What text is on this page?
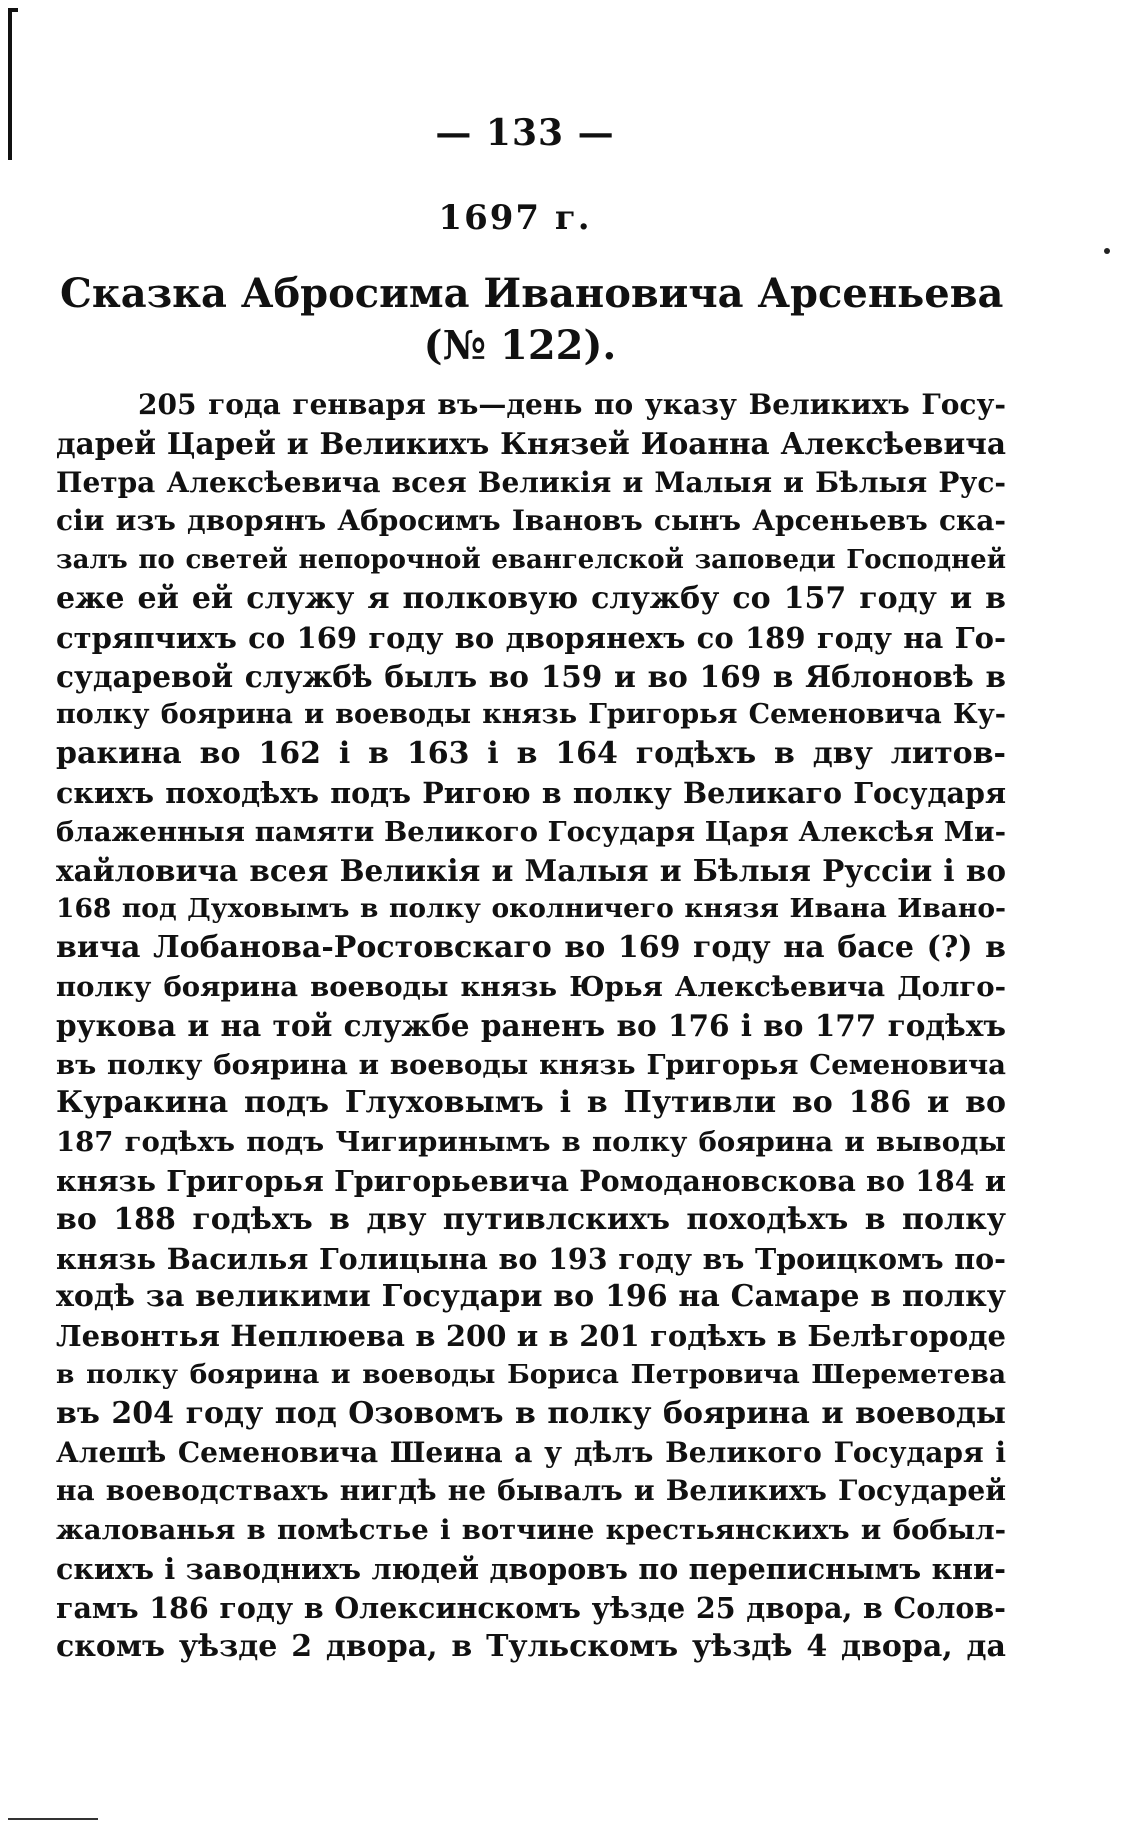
— 133 —
1697 г.
Сказка Абросима Ивановича Арсеньева
(№ 122).
205 года генваря въ—день по указу Великихъ Госу-
дарей Царей и Великихъ Князей Иоанна Алексѣевича
Петра Алексѣевича всея Великія и Малыя и Бѣлыя Рус-
сіи изъ дворянъ Абросимъ Івановъ сынъ Арсеньевъ ска-
залъ по светей непорочной евангелской заповеди Господней
еже ей ей служу я полковую службу со 157 году и в
стряпчихъ со 169 году во дворянехъ со 189 году на Го-
сударевой службѣ былъ во 159 и во 169 в Яблоновѣ в
полку боярина и воеводы князь Григорья Семеновича Ку-
ракина во 162 і в 163 і в 164 годѣхъ в дву литов-
скихъ походѣхъ подъ Ригою в полку Великаго Государя
блаженныя памяти Великого Государя Царя Алексѣя Ми-
хайловича всея Великія и Малыя и Бѣлыя Руссіи і во
168 под Духовымъ в полку околничего князя Ивана Ивано-
вича Лобанова-Ростовскаго во 169 году на басе (?) в
полку боярина воеводы князь Юрья Алексѣевича Долго-
рукова и на той службе раненъ во 176 і во 177 годѣхъ
въ полку боярина и воеводы князь Григорья Семеновича
Куракина подъ Глуховымъ і в Путивли во 186 и во
187 годѣхъ подъ Чигиринымъ в полку боярина и выводы
князь Григорья Григорьевича Ромодановскова во 184 и
во 188 годѣхъ в дву путивлскихъ походѣхъ в полку
князь Василья Голицына во 193 году въ Троицкомъ по-
ходѣ за великими Государи во 196 на Самаре в полку
Левонтья Неплюева в 200 и в 201 годѣхъ в Белѣгороде
в полку боярина и воеводы Бориса Петровича Шереметева
въ 204 году под Озовомъ в полку боярина и воеводы
Алешѣ Семеновича Шеина а у дѣлъ Великого Государя і
на воеводствахъ нигдѣ не бывалъ и Великихъ Государей
жалованья в помѣстье і вотчине крестьянскихъ и бобыл-
скихъ і заводнихъ людей дворовъ по переписнымъ кни-
гамъ 186 году в Олексинскомъ уѣзде 25 двора, в Солов-
скомъ уѣзде 2 двора, в Тульскомъ уѣздѣ 4 двора, да
